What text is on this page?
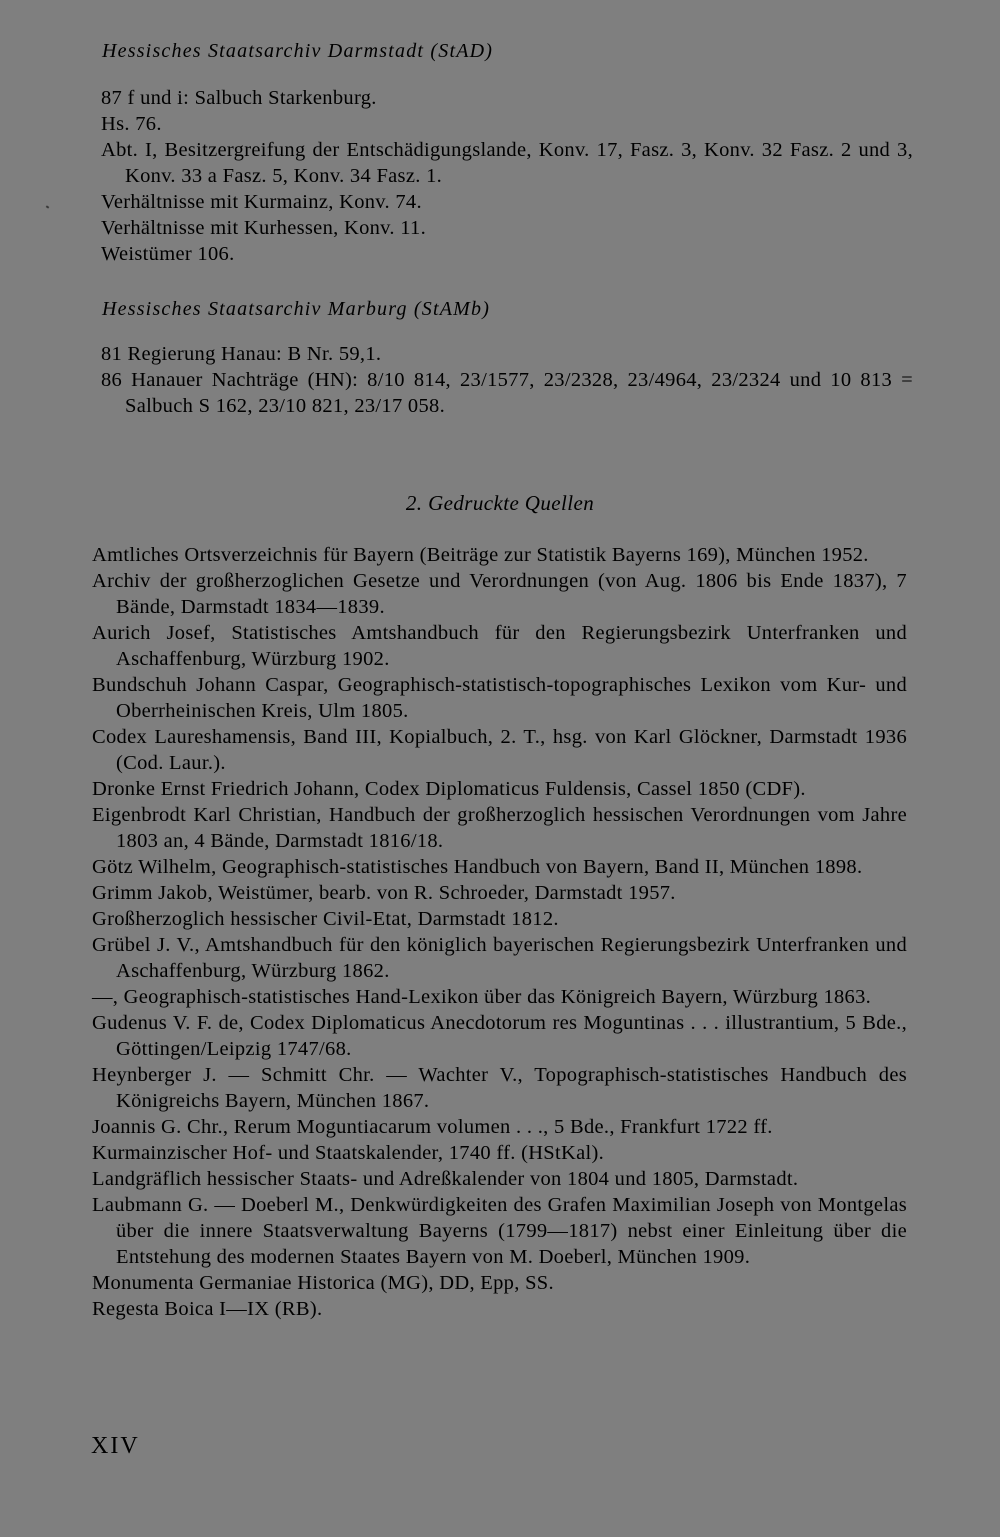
Hessisches Staatsarchiv Darmstadt (StAD)
87 f und i: Salbuch Starkenburg.
Hs. 76.
Abt. I, Besitzergreifung der Entschädigungslande, Konv. 17, Fasz. 3, Konv. 32 Fasz. 2 und 3, Konv. 33 a Fasz. 5, Konv. 34 Fasz. 1.
Verhältnisse mit Kurmainz, Konv. 74.
Verhältnisse mit Kurhessen, Konv. 11.
Weistümer 106.
Hessisches Staatsarchiv Marburg (StAMb)
81 Regierung Hanau: B Nr. 59,1.
86 Hanauer Nachträge (HN): 8/10 814, 23/1577, 23/2328, 23/4964, 23/2324 und 10 813 = Salbuch S 162, 23/10 821, 23/17 058.
2. Gedruckte Quellen
Amtliches Ortsverzeichnis für Bayern (Beiträge zur Statistik Bayerns 169), München 1952.
Archiv der großherzoglichen Gesetze und Verordnungen (von Aug. 1806 bis Ende 1837), 7 Bände, Darmstadt 1834—1839.
Aurich Josef, Statistisches Amtshandbuch für den Regierungsbezirk Unterfranken und Aschaffenburg, Würzburg 1902.
Bundschuh Johann Caspar, Geographisch-statistisch-topographisches Lexikon vom Kur- und Oberrheinischen Kreis, Ulm 1805.
Codex Laureshamensis, Band III, Kopialbuch, 2. T., hsg. von Karl Glöckner, Darmstadt 1936 (Cod. Laur.).
Dronke Ernst Friedrich Johann, Codex Diplomaticus Fuldensis, Cassel 1850 (CDF).
Eigenbrodt Karl Christian, Handbuch der großherzoglich hessischen Verordnungen vom Jahre 1803 an, 4 Bände, Darmstadt 1816/18.
Götz Wilhelm, Geographisch-statistisches Handbuch von Bayern, Band II, München 1898.
Grimm Jakob, Weistümer, bearb. von R. Schroeder, Darmstadt 1957.
Großherzoglich hessischer Civil-Etat, Darmstadt 1812.
Grübel J. V., Amtshandbuch für den königlich bayerischen Regierungsbezirk Unterfranken und Aschaffenburg, Würzburg 1862.
—, Geographisch-statistisches Hand-Lexikon über das Königreich Bayern, Würzburg 1863.
Gudenus V. F. de, Codex Diplomaticus Anecdotorum res Moguntinas . . . illustrantium, 5 Bde., Göttingen/Leipzig 1747/68.
Heynberger J. — Schmitt Chr. — Wachter V., Topographisch-statistisches Handbuch des Königreichs Bayern, München 1867.
Joannis G. Chr., Rerum Moguntiacarum volumen . . ., 5 Bde., Frankfurt 1722 ff.
Kurmainzischer Hof- und Staatskalender, 1740 ff. (HStKal).
Landgräflich hessischer Staats- und Adreßkalender von 1804 und 1805, Darmstadt.
Laubmann G. — Doeberl M., Denkwürdigkeiten des Grafen Maximilian Joseph von Montgelas über die innere Staatsverwaltung Bayerns (1799—1817) nebst einer Einleitung über die Entstehung des modernen Staates Bayern von M. Doeberl, München 1909.
Monumenta Germaniae Historica (MG), DD, Epp, SS.
Regesta Boica I—IX (RB).
XIV
